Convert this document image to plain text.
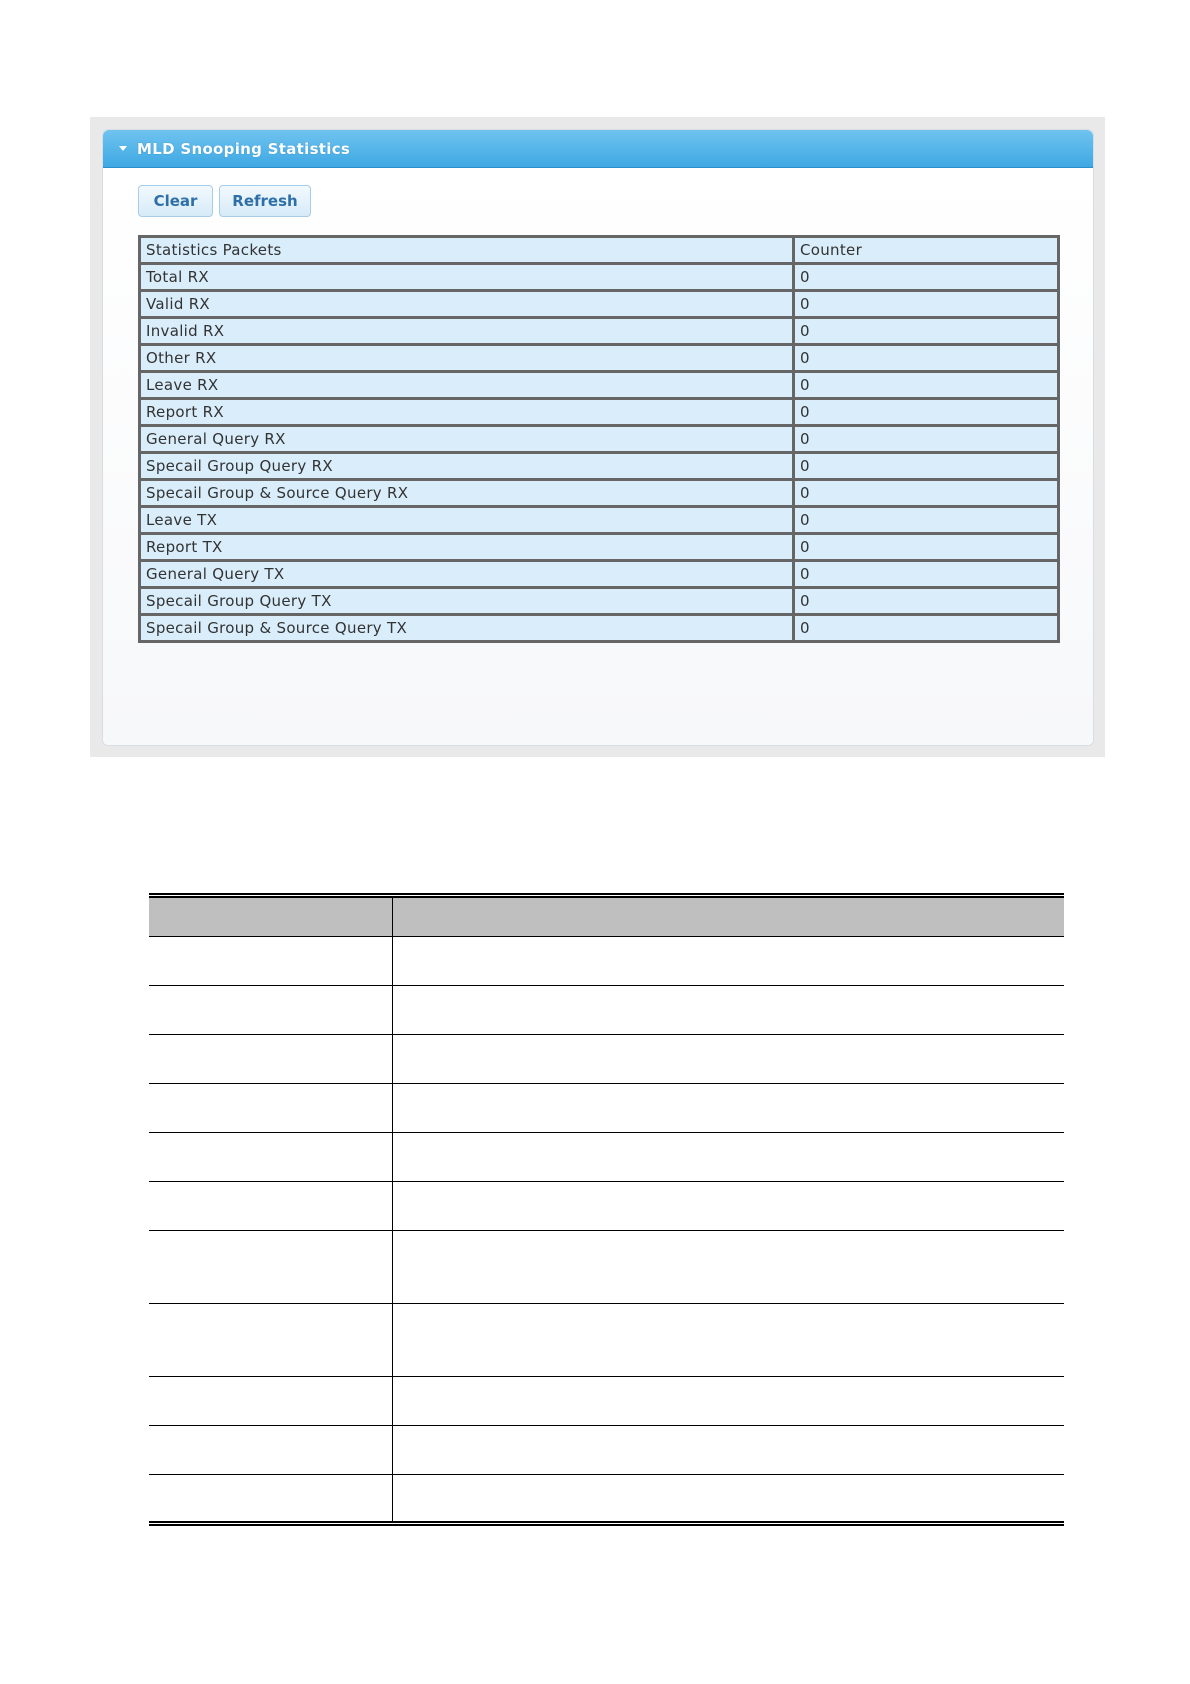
MLD Snooping Statistics
Clear	Refresh
Statistics Packets	Counter
Total RX	0
Valid RX	0
Invalid RX	0
Other RX	0
Leave RX	0
Report RX	0
General Query RX	0
Specail Group Query RX	0
Specail Group & Source Query RX	0
Leave TX	0
Report TX	0
General Query TX	0
Specail Group Query TX	0
Specail Group & Source Query TX	0
